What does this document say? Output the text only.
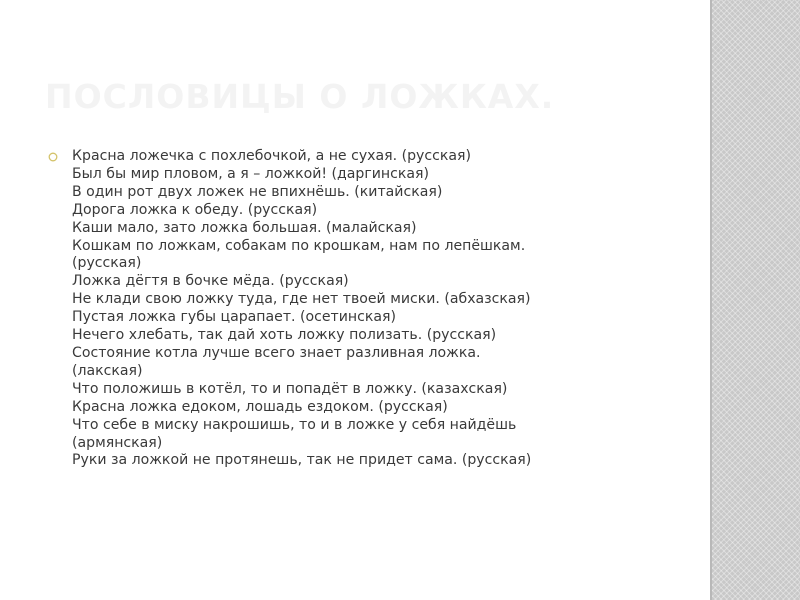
ПОСЛОВИЦЫ О ЛОЖКАХ.
Красна ложечка с похлебочкой, а не сухая. (русская)
Был бы мир пловом, а я – ложкой! (даргинская)
В один рот двух ложек не впихнёшь. (китайская)
Дорога ложка к обеду. (русская)
Каши мало, зато ложка большая. (малайская)
Кошкам по ложкам, собакам по крошкам, нам по лепёшкам.
(русская)
Ложка дёгтя в бочке мёда. (русская)
Не клади свою ложку туда, где нет твоей миски. (абхазская)
Пустая ложка губы царапает. (осетинская)
Нечего хлебать, так дай хоть ложку полизать. (русская)
Состояние котла лучше всего знает разливная ложка.
(лакская)
Что положишь в котёл, то и попадёт в ложку. (казахская)
Красна ложка едоком, лошадь ездоком. (русская)
Что себе в миску накрошишь, то и в ложке у себя найдёшь
(армянская)
Руки за ложкой не протянешь, так не придет сама. (русская)
